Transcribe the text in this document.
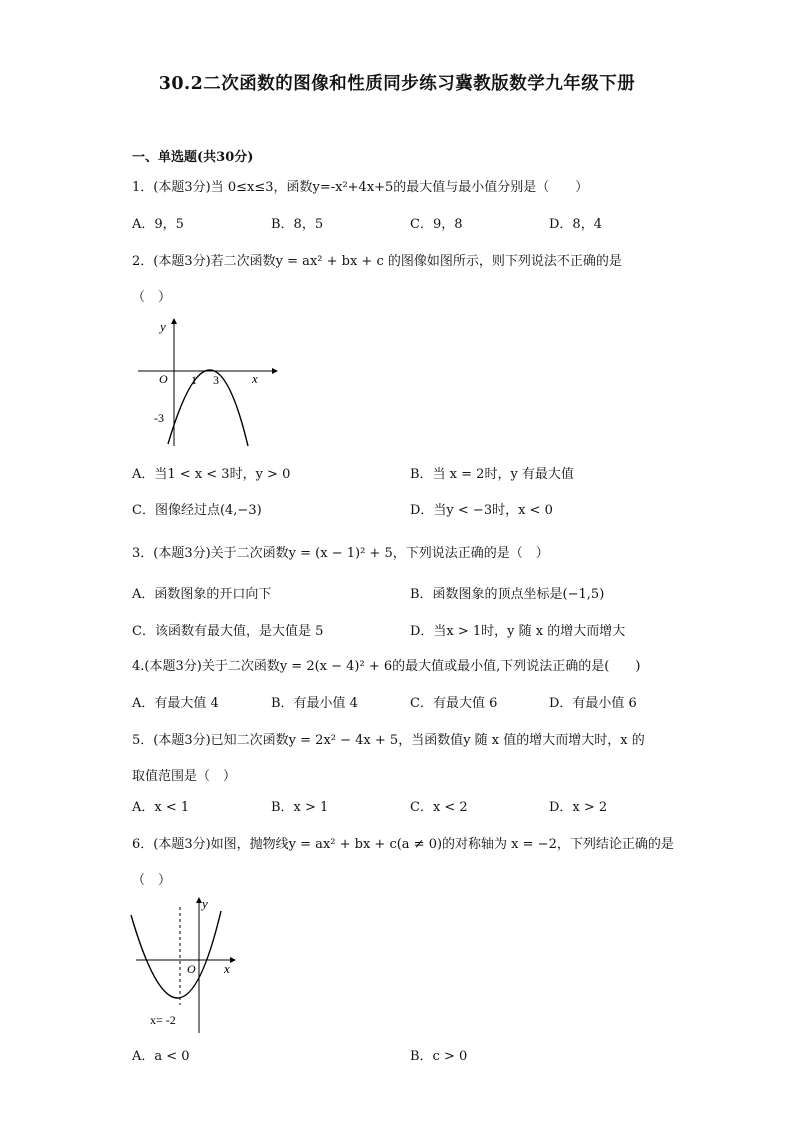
30.2二次函数的图像和性质同步练习冀教版数学九年级下册
一、单选题(共30分)
1．(本题3分)当 0≤x≤3，函数y=-x²+4x+5的最大值与最小值分别是（　　）
A．9，5	B．8，5	C．9，8	D．8，4
2．(本题3分)若二次函数y = ax² + bx + c 的图像如图所示，则下列说法不正确的是
（　）
y
x
O 1 3
-3
A．当1 < x < 3时，y > 0	B．当 x = 2时，y 有最大值
C．图像经过点(4,−3)	D．当y < −3时，x < 0
3．(本题3分)关于二次函数y = (x − 1)² + 5，下列说法正确的是（　）
A．函数图象的开口向下	B．函数图象的顶点坐标是(−1,5)
C．该函数有最大值，是大值是 5	D．当x > 1时，y 随 x 的增大而增大
4.(本题3分)关于二次函数y = 2(x − 4)² + 6的最大值或最小值,下列说法正确的是(　　)
A．有最大值 4	B．有最小值 4	C．有最大值 6	D．有最小值 6
5．(本题3分)已知二次函数y = 2x² − 4x + 5，当函数值y 随 x 值的增大而增大时，x 的
取值范围是（　）
A．x < 1	B．x > 1	C．x < 2	D．x > 2
6．(本题3分)如图，抛物线y = ax² + bx + c(a ≠ 0)的对称轴为 x = −2，下列结论正确的是
（　）
y
x
O
x= -2
A．a < 0	B．c > 0
